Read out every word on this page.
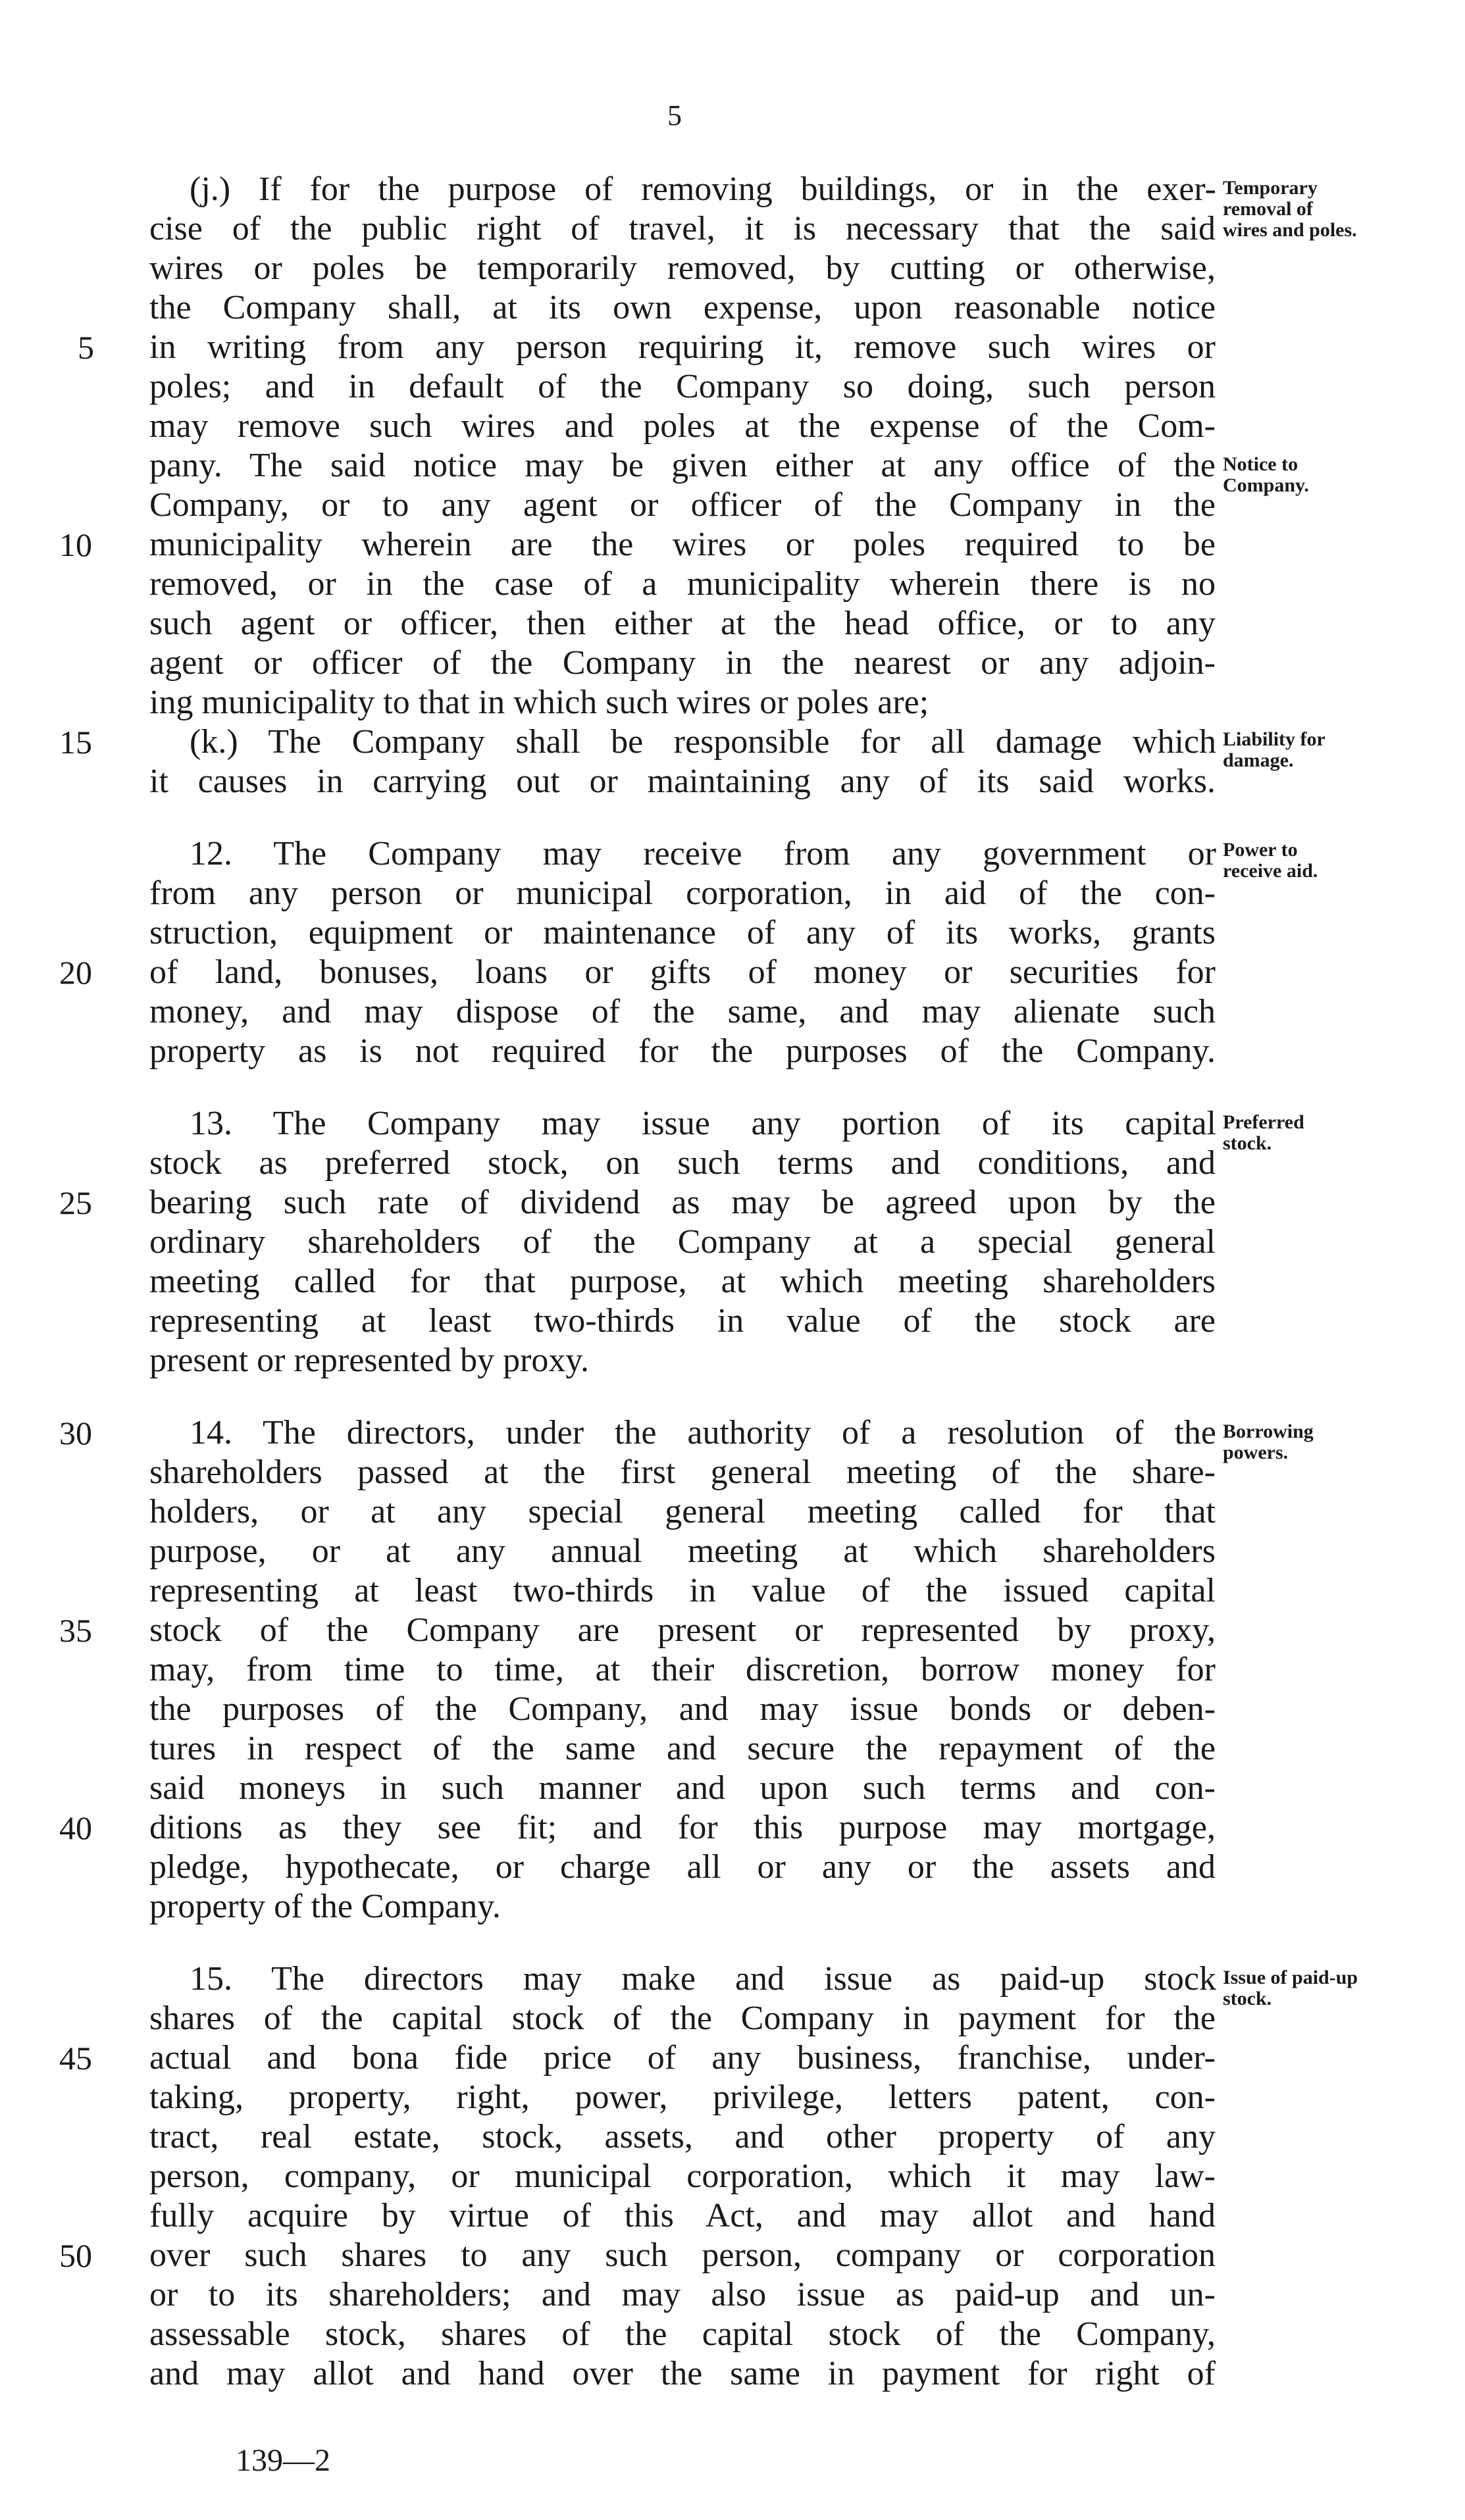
5
(j.) If for the purpose of removing buildings, or in the exer-
cise of the public right of travel, it is necessary that the said
wires or poles be temporarily removed, by cutting or otherwise,
the Company shall, at its own expense, upon reasonable notice
in writing from any person requiring it, remove such wires or
poles; and in default of the Company so doing, such person
may remove such wires and poles at the expense of the Com-
pany. The said notice may be given either at any office of the
Company, or to any agent or officer of the Company in the
municipality wherein are the wires or poles required to be
removed, or in the case of a municipality wherein there is no
such agent or officer, then either at the head office, or to any
agent or officer of the Company in the nearest or any adjoin-
ing municipality to that in which such wires or poles are;
(k.) The Company shall be responsible for all damage which
it causes in carrying out or maintaining any of its said works.
12. The Company may receive from any government or
from any person or municipal corporation, in aid of the con-
struction, equipment or maintenance of any of its works, grants
of land, bonuses, loans or gifts of money or securities for
money, and may dispose of the same, and may alienate such
property as is not required for the purposes of the Company.
13. The Company may issue any portion of its capital
stock as preferred stock, on such terms and conditions, and
bearing such rate of dividend as may be agreed upon by the
ordinary shareholders of the Company at a special general
meeting called for that purpose, at which meeting shareholders
representing at least two-thirds in value of the stock are
present or represented by proxy.
14. The directors, under the authority of a resolution of the
shareholders passed at the first general meeting of the share-
holders, or at any special general meeting called for that
purpose, or at any annual meeting at which shareholders
representing at least two-thirds in value of the issued capital
stock of the Company are present or represented by proxy,
may, from time to time, at their discretion, borrow money for
the purposes of the Company, and may issue bonds or deben-
tures in respect of the same and secure the repayment of the
said moneys in such manner and upon such terms and con-
ditions as they see fit; and for this purpose may mortgage,
pledge, hypothecate, or charge all or any or the assets and
property of the Company.
15. The directors may make and issue as paid-up stock
shares of the capital stock of the Company in payment for the
actual and bona fide price of any business, franchise, under-
taking, property, right, power, privilege, letters patent, con-
tract, real estate, stock, assets, and other property of any
person, company, or municipal corporation, which it may law-
fully acquire by virtue of this Act, and may allot and hand
over such shares to any such person, company or corporation
or to its shareholders; and may also issue as paid-up and un-
assessable stock, shares of the capital stock of the Company,
and may allot and hand over the same in payment for right of
5
10
15
20
25
30
35
40
45
50
Temporary removal of wires and poles.
Notice to Company.
Liability for damage.
Power to receive aid.
Preferred stock.
Borrowing powers.
Issue of paid-up stock.
139—2
